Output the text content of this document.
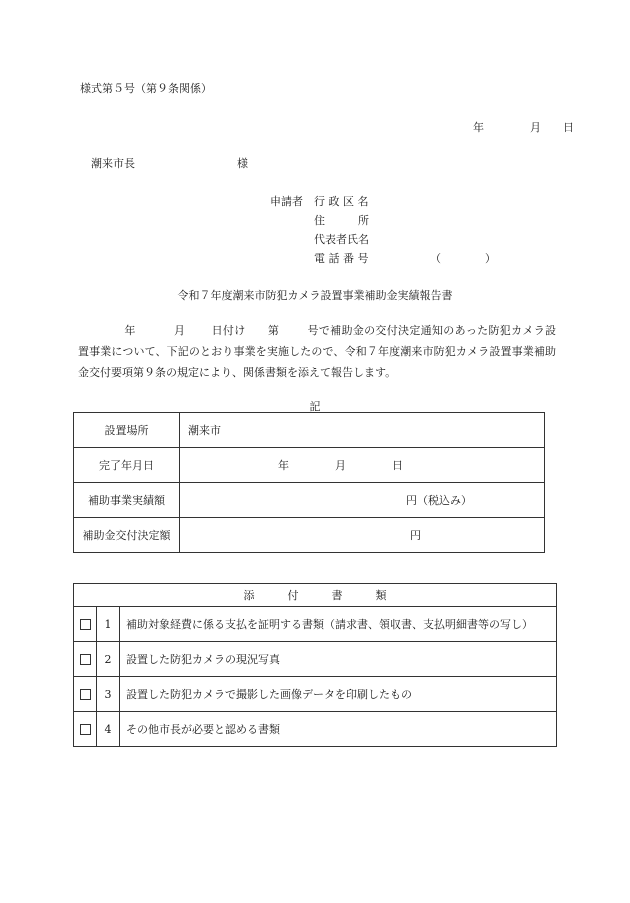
様式第５号（第９条関係）
年	月 日
潮来市長	様
申請者 行 政 区 名
住　　　所
代表者氏名
電 話 番 号	（　　　　）
令和７年度潮来市防犯カメラ設置事業補助金実績報告書
年	月 日付け 第	号で補助金の交付決定通知のあった防犯カメラ設置事業について、下記のとおり事業を実施したので、令和７年度潮来市防犯カメラ設置事業補助金交付要項第９条の規定により、関係書類を添えて報告します。
記
設置場所	潮来市
完了年月日	年 月 日
補助事業実績額	円（税込み）
補助金交付決定額	円
添　　　付　　　書　　　類		
	1	補助対象経費に係る支払を証明する書類（請求書、領収書、支払明細書等の写し）
	2	設置した防犯カメラの現況写真
	3	設置した防犯カメラで撮影した画像データを印刷したもの
	4	その他市長が必要と認める書類
